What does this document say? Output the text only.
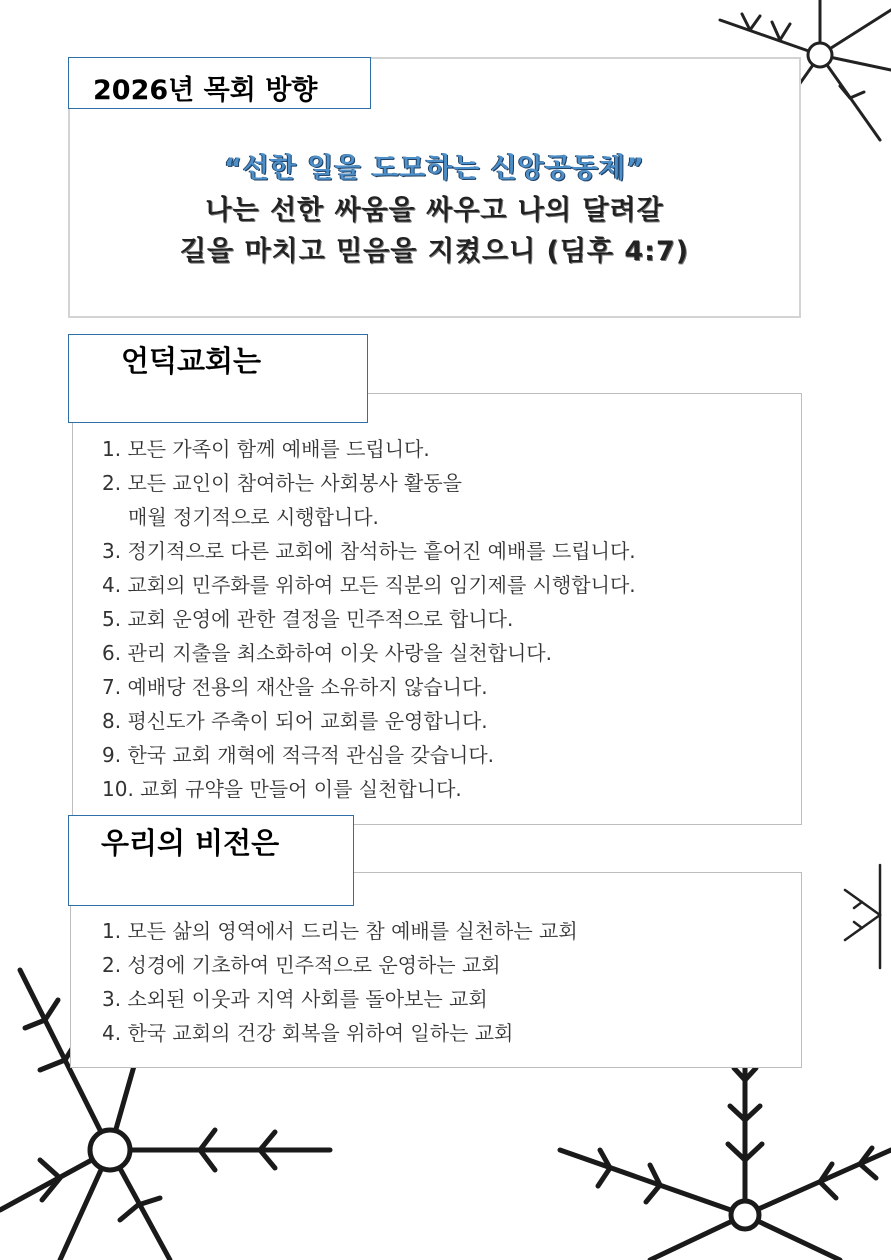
2026년 목회 방향
“선한 일을 도모하는 신앙공동체”
나는 선한 싸움을 싸우고 나의 달려갈
길을 마치고 믿음을 지켰으니 (딤후 4:7)
언덕교회는
1. 모든 가족이 함께 예배를 드립니다.
2. 모든 교인이 참여하는 사회봉사 활동을
매월 정기적으로 시행합니다.
3. 정기적으로 다른 교회에 참석하는 흩어진 예배를 드립니다.
4. 교회의 민주화를 위하여 모든 직분의 임기제를 시행합니다.
5. 교회 운영에 관한 결정을 민주적으로 합니다.
6. 관리 지출을 최소화하여 이웃 사랑을 실천합니다.
7. 예배당 전용의 재산을 소유하지 않습니다.
8. 평신도가 주축이 되어 교회를 운영합니다.
9. 한국 교회 개혁에 적극적 관심을 갖습니다.
10. 교회 규약을 만들어 이를 실천합니다.
우리의 비전은
1. 모든 삶의 영역에서 드리는 참 예배를 실천하는 교회
2. 성경에 기초하여 민주적으로 운영하는 교회
3. 소외된 이웃과 지역 사회를 돌아보는 교회
4. 한국 교회의 건강 회복을 위하여 일하는 교회
